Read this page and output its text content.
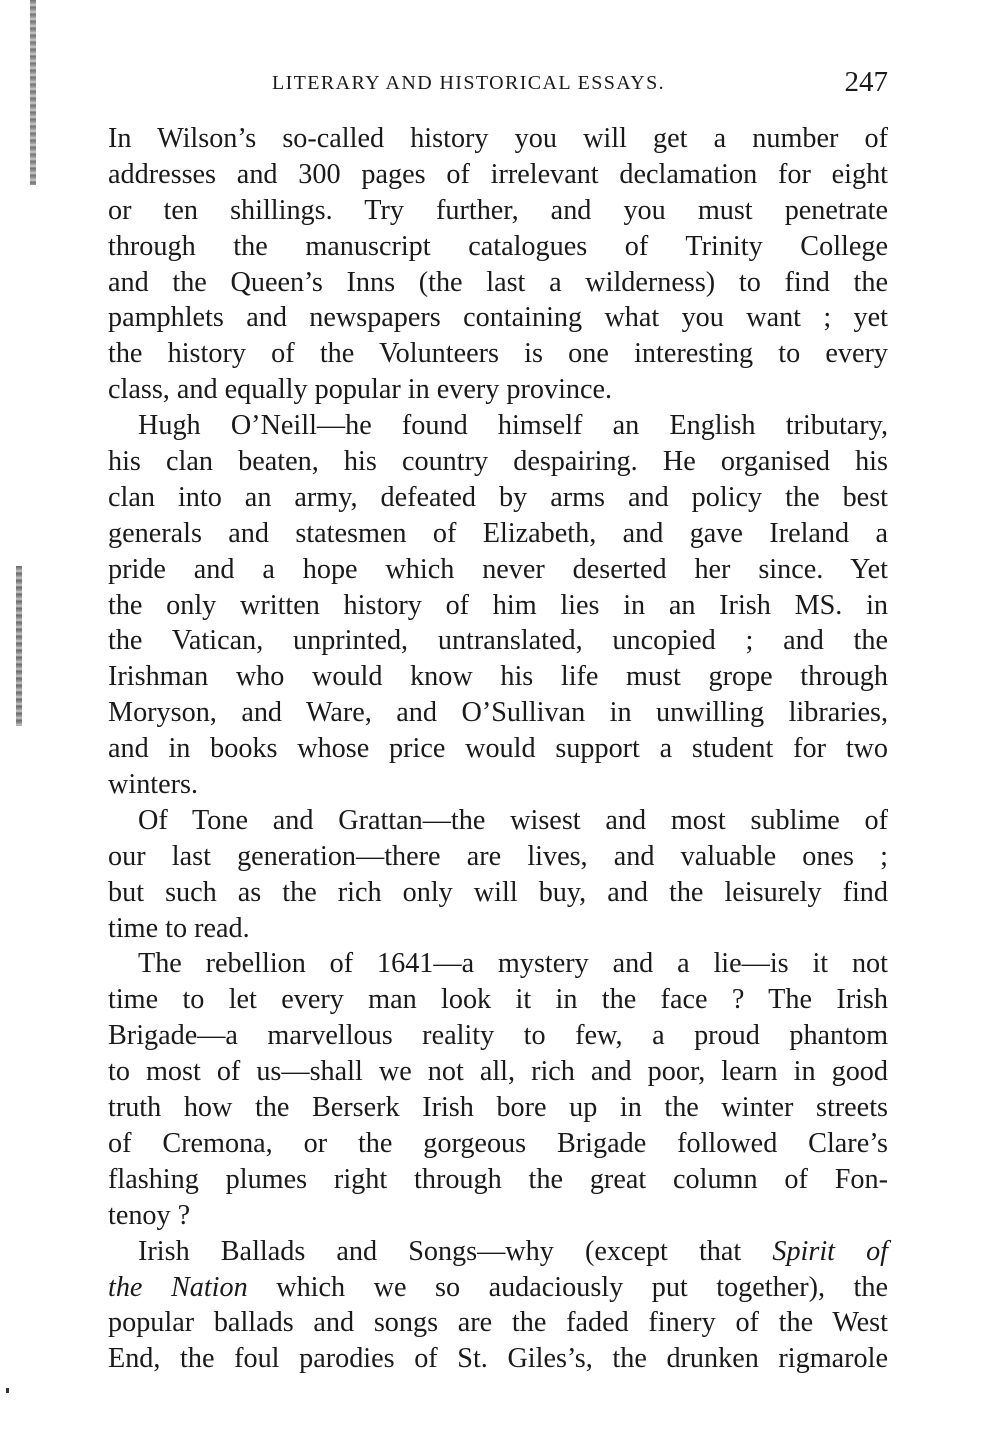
LITERARY AND HISTORICAL ESSAYS.	247
In Wilson’s so-called history you will get a number of
addresses and 300 pages of irrelevant declamation for eight
or ten shillings. Try further, and you must penetrate
through the manuscript catalogues of Trinity College
and the Queen’s Inns (the last a wilderness) to find the
pamphlets and newspapers containing what you want ; yet
the history of the Volunteers is one interesting to every
class, and equally popular in every province.
Hugh O’Neill—he found himself an English tributary,
his clan beaten, his country despairing. He organised his
clan into an army, defeated by arms and policy the best
generals and statesmen of Elizabeth, and gave Ireland a
pride and a hope which never deserted her since. Yet
the only written history of him lies in an Irish MS. in
the Vatican, unprinted, untranslated, uncopied ; and the
Irishman who would know his life must grope through
Moryson, and Ware, and O’Sullivan in unwilling libraries,
and in books whose price would support a student for two
winters.
Of Tone and Grattan—the wisest and most sublime of
our last generation—there are lives, and valuable ones ;
but such as the rich only will buy, and the leisurely find
time to read.
The rebellion of 1641—a mystery and a lie—is it not
time to let every man look it in the face ? The Irish
Brigade—a marvellous reality to few, a proud phantom
to most of us—shall we not all, rich and poor, learn in good
truth how the Berserk Irish bore up in the winter streets
of Cremona, or the gorgeous Brigade followed Clare’s
flashing plumes right through the great column of Fon-
tenoy ?
Irish Ballads and Songs—why (except that Spirit of
the Nation which we so audaciously put together), the
popular ballads and songs are the faded finery of the West
End, the foul parodies of St. Giles’s, the drunken rigmarole
